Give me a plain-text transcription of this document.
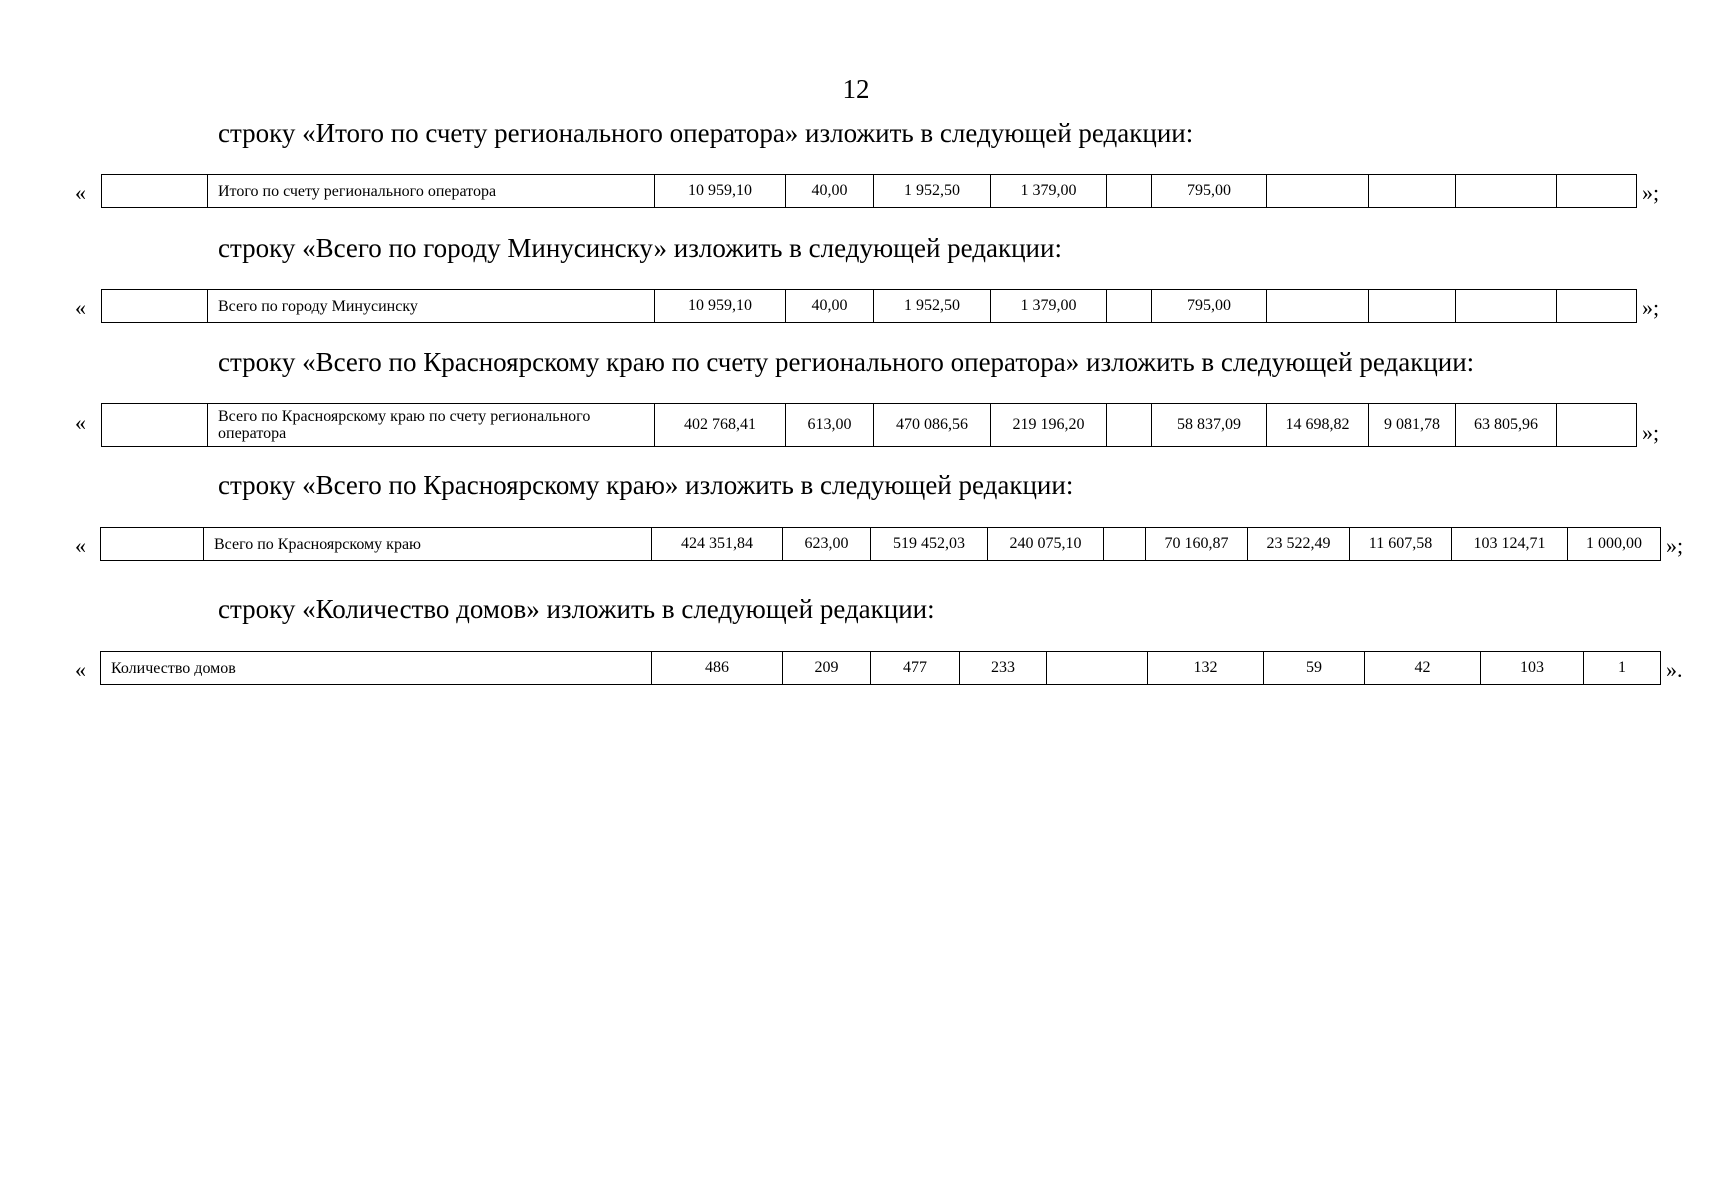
12
строку «Итого по счету регионального оператора» изложить в следующей редакции:
«
		Итого по счету регионального оператора	10 959,10	40,00	1 952,50	1 379,00		795,00					»;
строку «Всего по городу Минусинску» изложить в следующей редакции:
«
		Всего по городу Минусинску	10 959,10	40,00	1 952,50	1 379,00		795,00					»;
строку «Всего по Красноярскому краю по счету регионального оператора» изложить в следующей редакции:
«
		Всего по Красноярскому краю по счету регионального оператора	402 768,41	613,00	470 086,56	219 196,20		58 837,09	14 698,82	9 081,78	63 805,96		»;
строку «Всего по Красноярскому краю» изложить в следующей редакции:
«
		Всего по Красноярскому краю	424 351,84	623,00	519 452,03	240 075,10		70 160,87	23 522,49	11 607,58	103 124,71	1 000,00 »;
строку «Количество домов» изложить в следующей редакции:
« Количество домов	486	209	477	233		132	59	42	103	1 ».
